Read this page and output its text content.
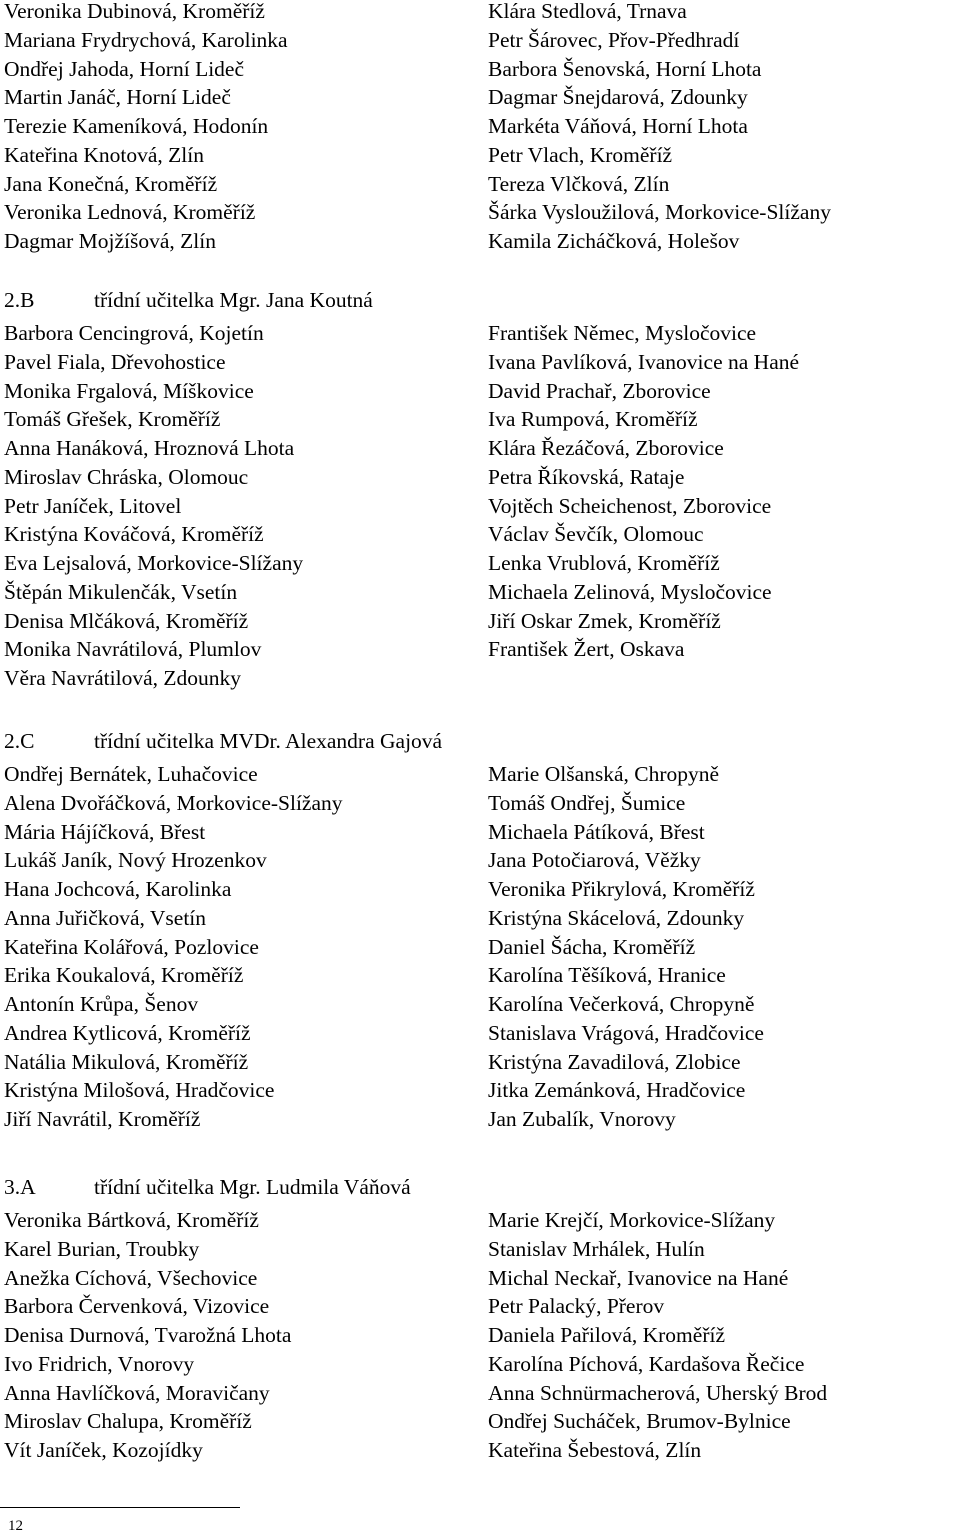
Veronika Dubinová, Kroměříž
Mariana Frydrychová, Karolinka
Ondřej Jahoda, Horní Lideč
Martin Janáč, Horní Lideč
Terezie Kameníková, Hodonín
Kateřina Knotová, Zlín
Jana Konečná, Kroměříž
Veronika Lednová, Kroměříž
Dagmar Mojžíšová, Zlín
Klára Stedlová, Trnava
Petr Šárovec, Přov-Předhradí
Barbora Šenovská, Horní Lhota
Dagmar Šnejdarová, Zdounky
Markéta Váňová, Horní Lhota
Petr Vlach, Kroměříž
Tereza Vlčková, Zlín
Šárka Vysloužilová, Morkovice-Slížany
Kamila Zicháčková, Holešov
2.B	třídní učitelka Mgr. Jana Koutná
Barbora Cencingrová, Kojetín
Pavel Fiala, Dřevohostice
Monika Frgalová, Míškovice
Tomáš Gřešek, Kroměříž
Anna Hanáková, Hroznová Lhota
Miroslav Chráska, Olomouc
Petr Janíček, Litovel
Kristýna Kováčová, Kroměříž
Eva Lejsalová, Morkovice-Slížany
Štěpán Mikulenčák, Vsetín
Denisa Mlčáková, Kroměříž
Monika Navrátilová, Plumlov
Věra Navrátilová, Zdounky
František Němec, Mysločovice
Ivana Pavlíková, Ivanovice na Hané
David Prachař, Zborovice
Iva Rumpová, Kroměříž
Klára Řezáčová, Zborovice
Petra Říkovská, Rataje
Vojtěch Scheichenost, Zborovice
Václav Ševčík, Olomouc
Lenka Vrublová, Kroměříž
Michaela Zelinová, Mysločovice
Jiří Oskar Zmek, Kroměříž
František Žert, Oskava
2.C	třídní učitelka MVDr. Alexandra Gajová
Ondřej Bernátek, Luhačovice
Alena Dvořáčková, Morkovice-Slížany
Mária Hájíčková, Břest
Lukáš Janík, Nový Hrozenkov
Hana Jochcová, Karolinka
Anna Juřičková, Vsetín
Kateřina Kolářová, Pozlovice
Erika Koukalová, Kroměříž
Antonín Krůpa, Šenov
Andrea Kytlicová, Kroměříž
Natália Mikulová, Kroměříž
Kristýna Milošová, Hradčovice
Jiří Navrátil, Kroměříž
Marie Olšanská, Chropyně
Tomáš Ondřej, Šumice
Michaela Pátíková, Břest
Jana Potočiarová, Věžky
Veronika Přikrylová, Kroměříž
Kristýna Skácelová, Zdounky
Daniel Šácha, Kroměříž
Karolína Těšíková, Hranice
Karolína Večerková, Chropyně
Stanislava Vrágová, Hradčovice
Kristýna Zavadilová, Zlobice
Jitka Zemánková, Hradčovice
Jan Zubalík, Vnorovy
3.A	třídní učitelka Mgr. Ludmila Váňová
Veronika Bártková, Kroměříž
Karel Burian, Troubky
Anežka Cíchová, Všechovice
Barbora Červenková, Vizovice
Denisa Durnová, Tvarožná Lhota
Ivo Fridrich, Vnorovy
Anna Havlíčková, Moravičany
Miroslav Chalupa, Kroměříž
Vít Janíček, Kozojídky
Marie Krejčí, Morkovice-Slížany
Stanislav Mrhálek, Hulín
Michal Neckař, Ivanovice na Hané
Petr Palacký, Přerov
Daniela Pařilová, Kroměříž
Karolína Píchová, Kardašova Řečice
Anna Schnürmacherová, Uherský Brod
Ondřej Sucháček, Brumov-Bylnice
Kateřina Šebestová, Zlín
12
